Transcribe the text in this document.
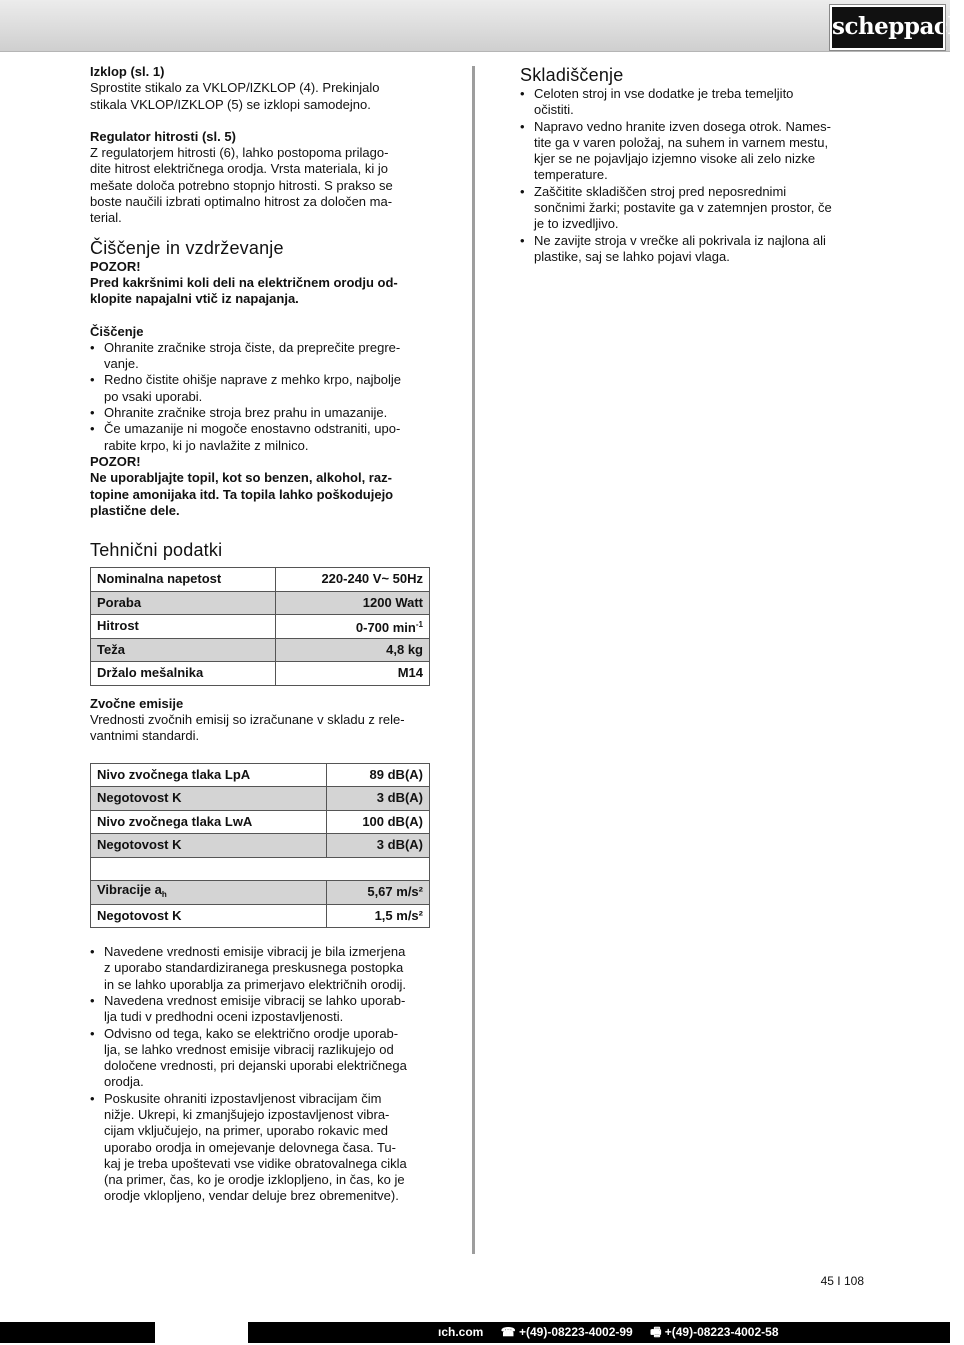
scheppach
Izklop (sl. 1)
Sprostite stikalo za VKLOP/IZKLOP (4). Prekinjalo
stikala VKLOP/IZKLOP (5) se izklopi samodejno.
Regulator hitrosti (sl. 5)
Z regulatorjem hitrosti (6), lahko postopoma prilago-
dite hitrost električnega orodja. Vrsta materiala, ki jo
mešate določa potrebno stopnjo hitrosti. S prakso se
boste naučili izbrati optimalno hitrost za določen ma-
terial.
Čiščenje in vzdrževanje
POZOR!
Pred kakršnimi koli deli na električnem orodju od-
klopite napajalni vtič iz napajanja.
Čiščenje
• Ohranite zračnike stroja čiste, da preprečite pregre-
vanje.
• Redno čistite ohišje naprave z mehko krpo, najbolje
po vsaki uporabi.
• Ohranite zračnike stroja brez prahu in umazanije.
• Če umazanije ni mogoče enostavno odstraniti, upo-
rabite krpo, ki jo navlažite z milnico.
POZOR!
Ne uporabljajte topil, kot so benzen, alkohol, raz-
topine amonijaka itd. Ta topila lahko poškodujejo
plastične dele.
Tehnični podatki
Nominalna napetost	220-240 V~ 50Hz
Poraba	1200 Watt
Hitrost	0-700 $\min^{-1}$
Teža	4,8 kg
Držalo mešalnika	M14
Zvočne emisije
Vrednosti zvočnih emisij so izračunane v skladu z rele-
vantnimi standardi.
Nivo zvočnega tlaka LpA	89 dB(A)
Negotovost K	3 dB(A)
Nivo zvočnega tlaka LwA	100 dB(A)
Negotovost K	3 dB(A)

Vibracije $a_h$	5,67 m/s²
Negotovost K	1,5 m/s²
• Navedene vrednosti emisije vibracij je bila izmerjena
z uporabo standardiziranega preskusnega postopka
in se lahko uporablja za primerjavo električnih orodij.
• Navedena vrednost emisije vibracij se lahko uporab-
lja tudi v predhodni oceni izpostavljenosti.
• Odvisno od tega, kako se električno orodje uporab-
lja, se lahko vrednost emisije vibracij razlikujejo od
določene vrednosti, pri dejanski uporabi električnega
orodja.
• Poskusite ohraniti izpostavljenost vibracijam čim
nižje. Ukrepi, ki zmanjšujejo izpostavljenost vibra-
cijam vključujejo, na primer, uporabo rokavic med
uporabo orodja in omejevanje delovnega časa. Tu-
kaj je treba upoštevati vse vidike obratovalnega cikla
(na primer, čas, ko je orodje izklopljeno, in čas, ko je
orodje vklopljeno, vendar deluje brez obremenitve).
Skladiščenje
• Celoten stroj in vse dodatke je treba temeljito
očistiti.
• Napravo vedno hranite izven dosega otrok. Names-
tite ga v varen položaj, na suhem in varnem mestu,
kjer se ne pojavljajo izjemno visoke ali zelo nizke
temperature.
• Zaščitite skladiščen stroj pred neposrednimi
sončnimi žarki; postavite ga v zatemnjen prostor, če
je to izvedljivo.
• Ne zavijte stroja v vrečke ali pokrivala iz najlona ali
plastike, saj se lahko pojavi vlaga.
45 I 108
ıch.com ☎ +(49)-08223-4002-99 🖷 +(49)-08223-4002-58
